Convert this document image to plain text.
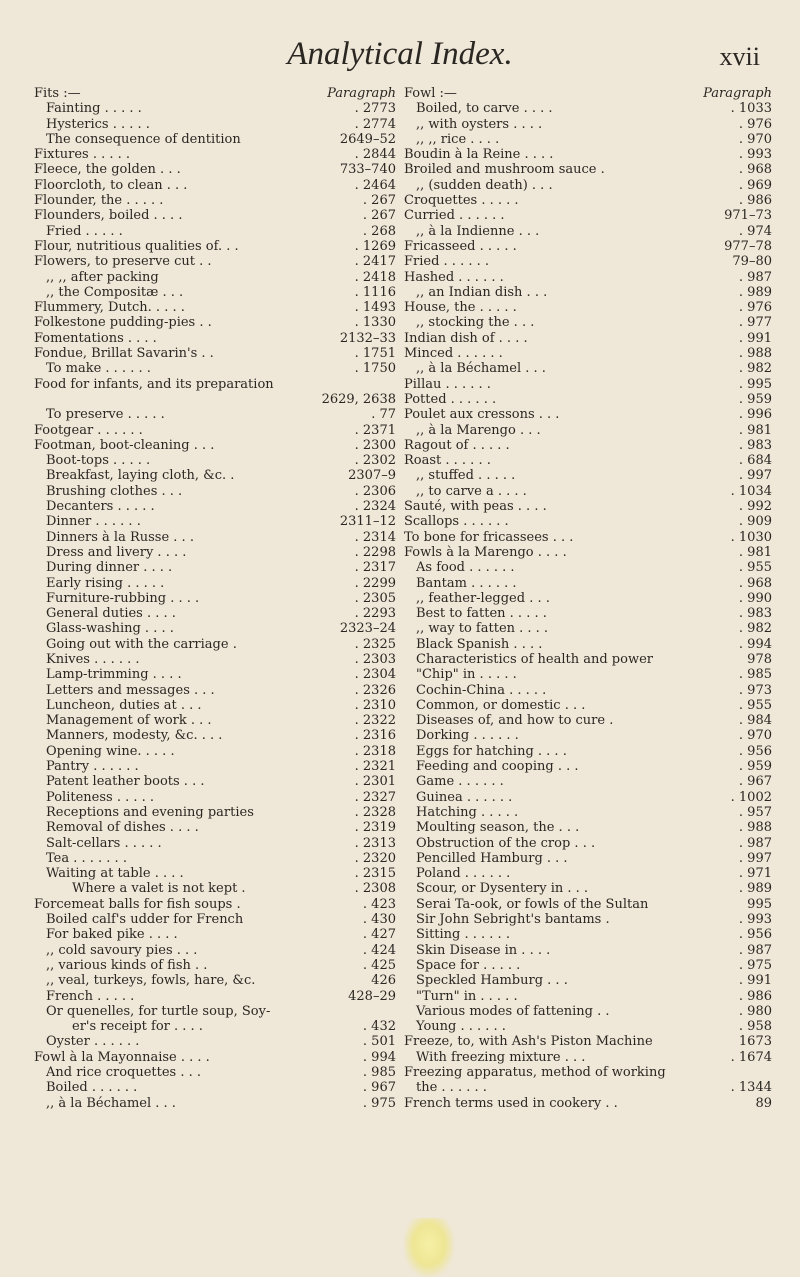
Analytical Index.	xvii
Fits :—	Paragraph
Fainting . . . . .	. 2773
Hysterics . . . . .	. 2774
The consequence of dentition	2649–52
Fixtures . . . . .	. 2844
Fleece, the golden . . .	733–740
Floorcloth, to clean . . .	. 2464
Flounder, the . . . . .	. 267
Flounders, boiled . . . .	. 267
Fried . . . . .	. 268
Flour, nutritious qualities of. . .	. 1269
Flowers, to preserve cut . .	. 2417
,, ,, after packing	. 2418
,, the Compositæ . . .	. 1116
Flummery, Dutch. . . . .	. 1493
Folkestone pudding-pies . .	. 1330
Fomentations . . . .	2132–33
Fondue, Brillat Savarin's . .	. 1751
To make . . . . . .	. 1750
Food for infants, and its preparation
2629, 2638
To preserve . . . . .	. 77
Footgear . . . . . .	. 2371
Footman, boot-cleaning . . .	. 2300
Boot-tops . . . . .	. 2302
Breakfast, laying cloth, &c. .	2307–9
Brushing clothes . . .	. 2306
Decanters . . . . .	. 2324
Dinner . . . . . .	2311–12
Dinners à la Russe . . .	. 2314
Dress and livery . . . .	. 2298
During dinner . . . .	. 2317
Early rising . . . . .	. 2299
Furniture-rubbing . . . .	. 2305
General duties . . . .	. 2293
Glass-washing . . . .	2323–24
Going out with the carriage .	. 2325
Knives . . . . . .	. 2303
Lamp-trimming . . . .	. 2304
Letters and messages . . .	. 2326
Luncheon, duties at . . .	. 2310
Management of work . . .	. 2322
Manners, modesty, &c. . . .	. 2316
Opening wine. . . . .	. 2318
Pantry . . . . . .	. 2321
Patent leather boots . . .	. 2301
Politeness . . . . .	. 2327
Receptions and evening parties	. 2328
Removal of dishes . . . .	. 2319
Salt-cellars . . . . .	. 2313
Tea . . . . . . .	. 2320
Waiting at table . . . .	. 2315
Where a valet is not kept .	. 2308
Forcemeat balls for fish soups .	. 423
Boiled calf's udder for French	. 430
For baked pike . . . .	. 427
,, cold savoury pies . . .	. 424
,, various kinds of fish . .	. 425
,, veal, turkeys, fowls, hare, &c.	426
French . . . . .	428–29
Or quenelles, for turtle soup, Soy-
er's receipt for . . . .	. 432
Oyster . . . . . .	. 501
Fowl à la Mayonnaise . . . .	. 994
And rice croquettes . . .	. 985
Boiled . . . . . .	. 967
,, à la Béchamel . . .	. 975
Fowl :—	Paragraph
Boiled, to carve . . . .	. 1033
,, with oysters . . . .	. 976
,, ,, rice . . . .	. 970
Boudin à la Reine . . . .	. 993
Broiled and mushroom sauce .	. 968
,, (sudden death) . . .	. 969
Croquettes . . . . .	. 986
Curried . . . . . .	971–73
,, à la Indienne . . .	. 974
Fricasseed . . . . .	977–78
Fried . . . . . .	79–80
Hashed . . . . . .	. 987
,, an Indian dish . . .	. 989
House, the . . . . .	. 976
,, stocking the . . .	. 977
Indian dish of . . . .	. 991
Minced . . . . . .	. 988
,, à la Béchamel . . .	. 982
Pillau . . . . . .	. 995
Potted . . . . . .	. 959
Poulet aux cressons . . .	. 996
,, à la Marengo . . .	. 981
Ragout of . . . . .	. 983
Roast . . . . . .	. 684
,, stuffed . . . . .	. 997
,, to carve a . . . .	. 1034
Sauté, with peas . . . .	. 992
Scallops . . . . . .	. 909
To bone for fricassees . . .	. 1030
Fowls à la Marengo . . . .	. 981
As food . . . . . .	. 955
Bantam . . . . . .	. 968
,, feather-legged . . .	. 990
Best to fatten . . . . .	. 983
,, way to fatten . . . .	. 982
Black Spanish . . . .	. 994
Characteristics of health and power	978
"Chip" in . . . . .	. 985
Cochin-China . . . . .	. 973
Common, or domestic . . .	. 955
Diseases of, and how to cure .	. 984
Dorking . . . . . .	. 970
Eggs for hatching . . . .	. 956
Feeding and cooping . . .	. 959
Game . . . . . .	. 967
Guinea . . . . . .	. 1002
Hatching . . . . .	. 957
Moulting season, the . . .	. 988
Obstruction of the crop . . .	. 987
Pencilled Hamburg . . .	. 997
Poland . . . . . .	. 971
Scour, or Dysentery in . . .	. 989
Serai Ta-ook, or fowls of the Sultan	995
Sir John Sebright's bantams .	. 993
Sitting . . . . . .	. 956
Skin Disease in . . . .	. 987
Space for . . . . .	. 975
Speckled Hamburg . . .	. 991
"Turn" in . . . . .	. 986
Various modes of fattening . .	. 980
Young . . . . . .	. 958
Freeze, to, with Ash's Piston Machine	1673
With freezing mixture . . .	. 1674
Freezing apparatus, method of working
the . . . . . .	. 1344
French terms used in cookery . .	89
